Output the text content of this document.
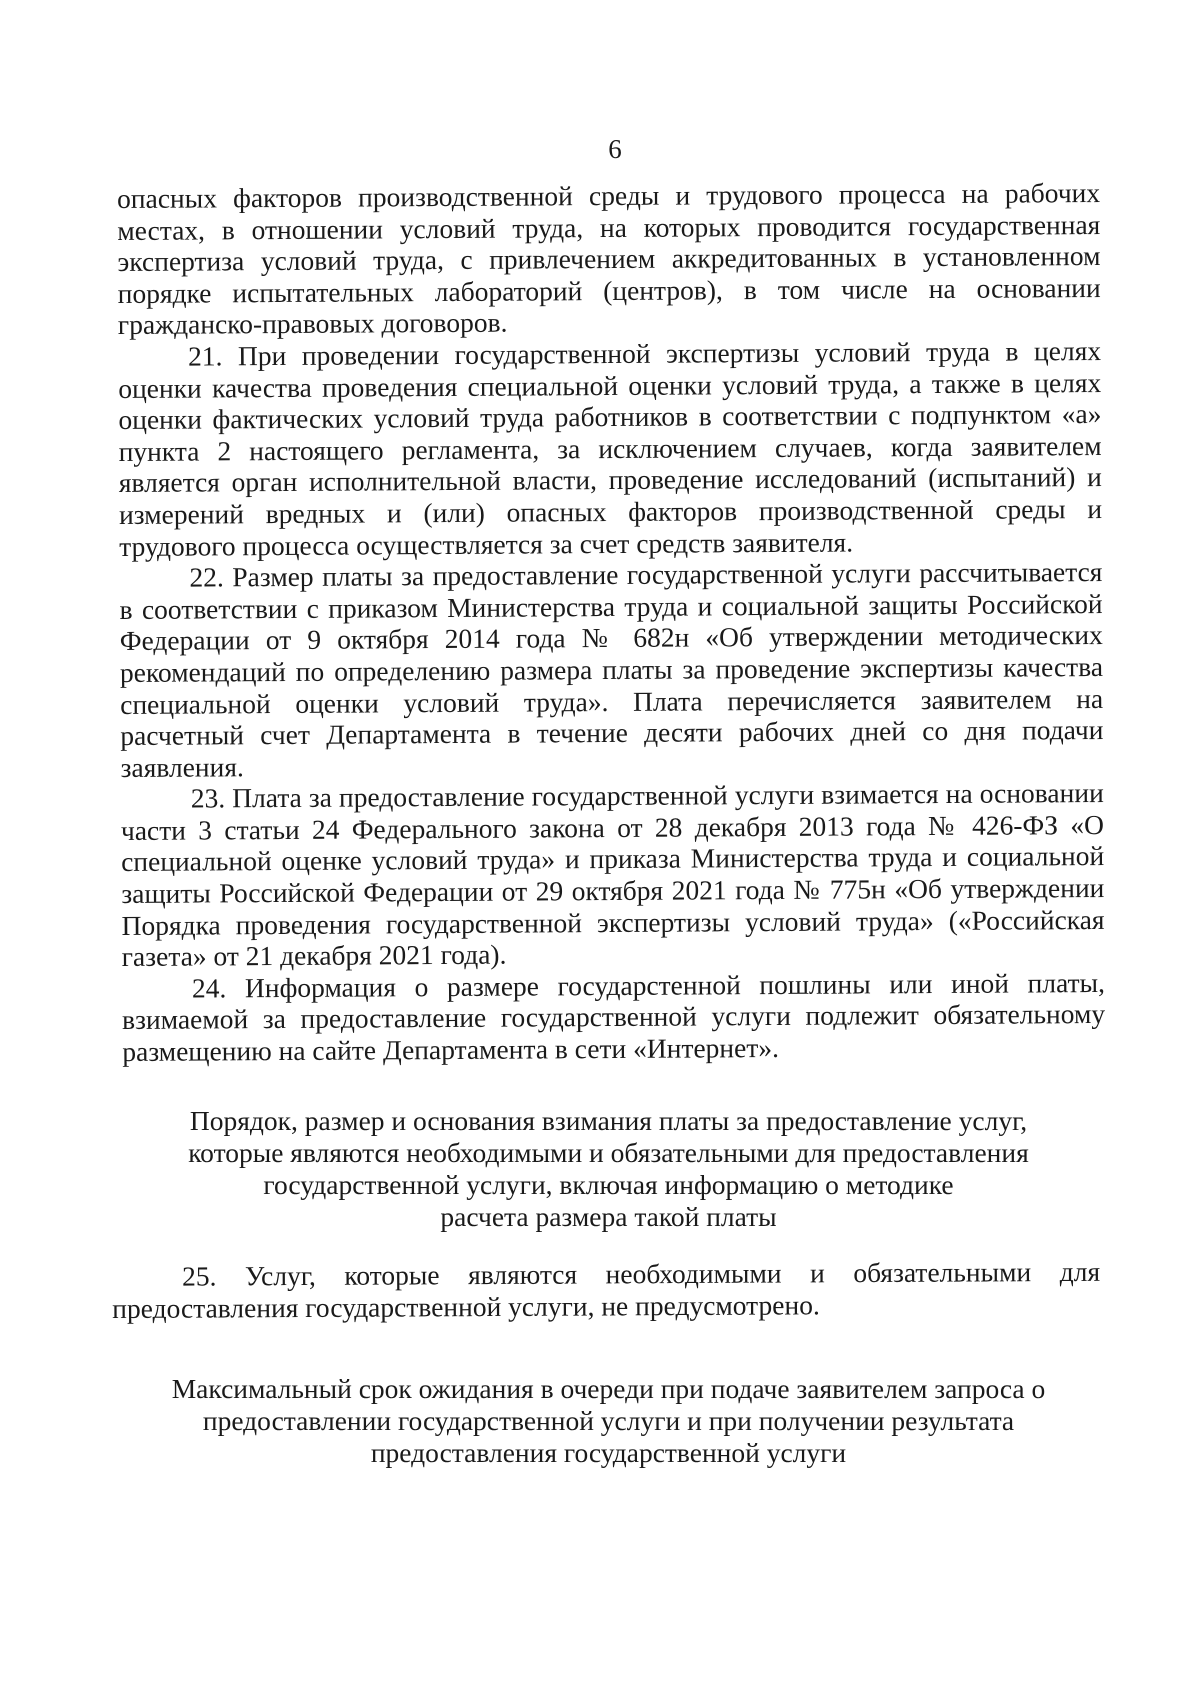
6

опасных факторов производственной среды и трудового процесса на рабочих местах, в отношении условий труда, на которых проводится государственная экспертиза условий труда, с привлечением аккредитованных в установленном порядке испытательных лабораторий (центров), в том числе на основании гражданско-правовых договоров.

21. При проведении государственной экспертизы условий труда в целях оценки качества проведения специальной оценки условий труда, а также в целях оценки фактических условий труда работников в соответствии с подпунктом «а» пункта 2 настоящего регламента, за исключением случаев, когда заявителем является орган исполнительной власти, проведение исследований (испытаний) и измерений вредных и (или) опасных факторов производственной среды и трудового процесса осуществляется за счет средств заявителя.

22. Размер платы за предоставление государственной услуги рассчитывается в соответствии с приказом Министерства труда и социальной защиты Российской Федерации от 9 октября 2014 года № 682н «Об утверждении методических рекомендаций по определению размера платы за проведение экспертизы качества специальной оценки условий труда». Плата перечисляется заявителем на расчетный счет Департамента в течение десяти рабочих дней со дня подачи заявления.

23. Плата за предоставление государственной услуги взимается на основании части 3 статьи 24 Федерального закона от 28 декабря 2013 года № 426-ФЗ «О специальной оценке условий труда» и приказа Министерства труда и социальной защиты Российской Федерации от 29 октября 2021 года № 775н «Об утверждении Порядка проведения государственной экспертизы условий труда» («Российская газета» от 21 декабря 2021 года).

24. Информация о размере государстенной пошлины или иной платы, взимаемой за предоставление государственной услуги подлежит обязательному размещению на сайте Департамента в сети «Интернет».

Порядок, размер и основания взимания платы за предоставление услуг,
которые являются необходимыми и обязательными для предоставления
государственной услуги, включая информацию о методике
расчета размера такой платы

25. Услуг, которые являются необходимыми и обязательными для предоставления государственной услуги, не предусмотрено.

Максимальный срок ожидания в очереди при подаче заявителем запроса о
предоставлении государственной услуги и при получении результата
предоставления государственной услуги
